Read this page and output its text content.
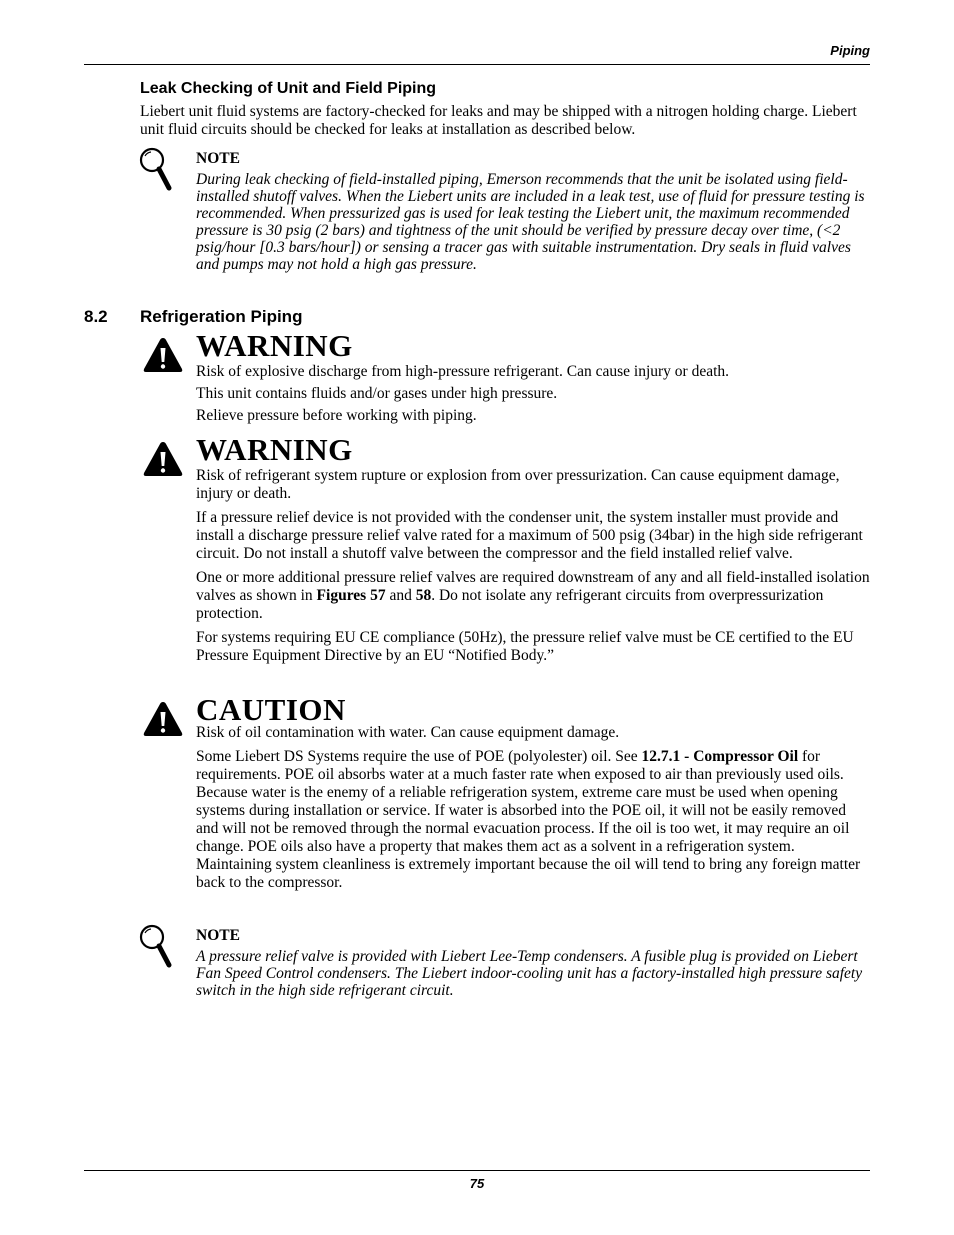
Piping
Leak Checking of Unit and Field Piping

Liebert unit fluid systems are factory-checked for leaks and may be shipped with a nitrogen holding charge. Liebert unit fluid circuits should be checked for leaks at installation as described below.

NOTE

During leak checking of field-installed piping, Emerson recommends that the unit be isolated using field-installed shutoff valves. When the Liebert units are included in a leak test, use of fluid for pressure testing is recommended. When pressurized gas is used for leak testing the Liebert unit, the maximum recommended pressure is 30 psig (2 bars) and tightness of the unit should be verified by pressure decay over time, (<2 psig/hour [0.3 bars/hour]) or sensing a tracer gas with suitable instrumentation. Dry seals in fluid valves and pumps may not hold a high gas pressure.

8.2 Refrigeration Piping
WARNING

Risk of explosive discharge from high-pressure refrigerant. Can cause injury or death.

This unit contains fluids and/or gases under high pressure.

Relieve pressure before working with piping.

WARNING

Risk of refrigerant system rupture or explosion from over pressurization. Can cause equipment damage, injury or death.

If a pressure relief device is not provided with the condenser unit, the system installer must provide and install a discharge pressure relief valve rated for a maximum of 500 psig (34bar) in the high side refrigerant circuit. Do not install a shutoff valve between the compressor and the field installed relief valve.

One or more additional pressure relief valves are required downstream of any and all field-installed isolation valves as shown in Figures 57 and 58. Do not isolate any refrigerant circuits from overpressurization protection.

For systems requiring EU CE compliance (50Hz), the pressure relief valve must be CE certified to the EU Pressure Equipment Directive by an EU “Notified Body.”

CAUTION

Risk of oil contamination with water. Can cause equipment damage.

Some Liebert DS Systems require the use of POE (polyolester) oil. See 12.7.1 - Compressor Oil for requirements. POE oil absorbs water at a much faster rate when exposed to air than previously used oils. Because water is the enemy of a reliable refrigeration system, extreme care must be used when opening systems during installation or service. If water is absorbed into the POE oil, it will not be easily removed and will not be removed through the normal evacuation process. If the oil is too wet, it may require an oil change. POE oils also have a property that makes them act as a solvent in a refrigeration system. Maintaining system cleanliness is extremely important because the oil will tend to bring any foreign matter back to the compressor.

NOTE

A pressure relief valve is provided with Liebert Lee-Temp condensers. A fusible plug is provided on Liebert Fan Speed Control condensers. The Liebert indoor-cooling unit has a factory-installed high pressure safety switch in the high side refrigerant circuit.

75
